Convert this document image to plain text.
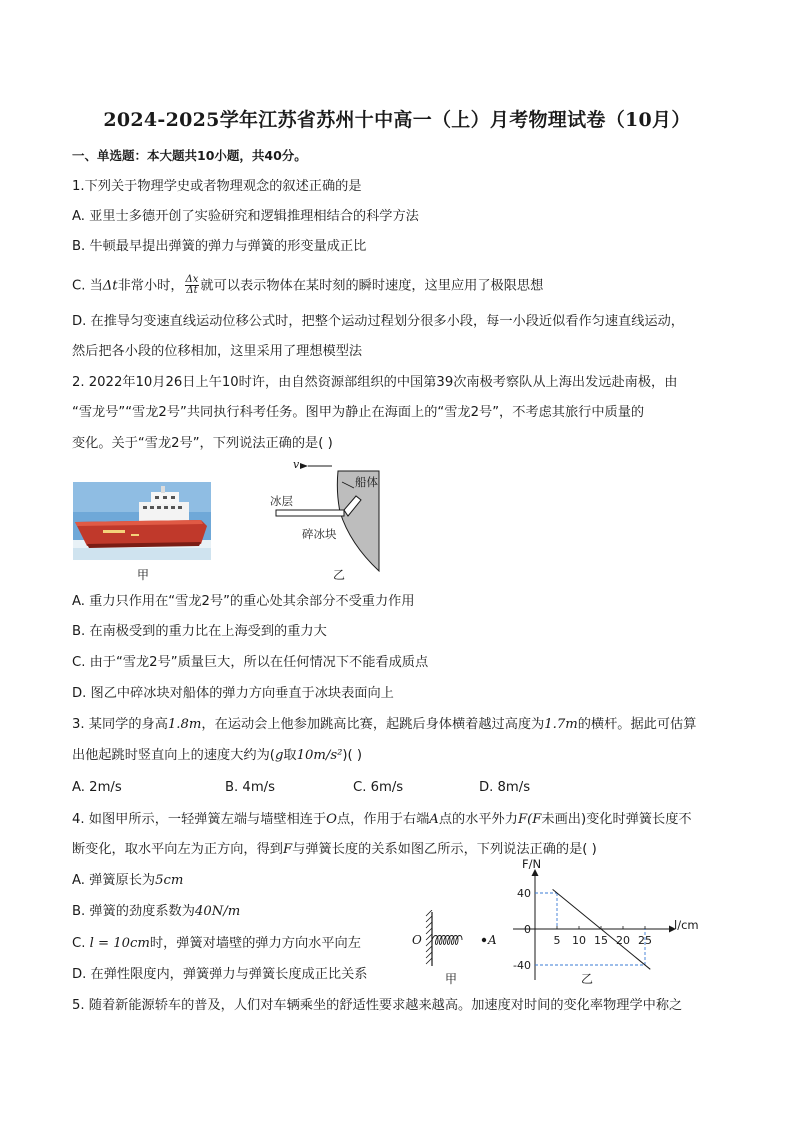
2024-2025学年江苏省苏州十中高一（上）月考物理试卷（10月）
一、单选题：本大题共10小题，共40分。
1.下列关于物理学史或者物理观念的叙述正确的是
A. 亚里士多德开创了实验研究和逻辑推理相结合的科学方法
B. 牛顿最早提出弹簧的弹力与弹簧的形变量成正比
C. 当Δt非常小时， $\frac{\Delta x}{\Delta t}$ 就可以表示物体在某时刻的瞬时速度，这里应用了极限思想
D. 在推导匀变速直线运动位移公式时，把整个运动过程划分很多小段，每一小段近似看作匀速直线运动，
然后把各小段的位移相加，这里采用了理想模型法
2. 2022年10月26日上午10时许，由自然资源部组织的中国第39次南极考察队从上海出发远赴南极，由
“雪龙号”“雪龙2号”共同执行科考任务。图甲为静止在海面上的“雪龙2号”，不考虑其旅行中质量的
变化。关于“雪龙2号”，下列说法正确的是( )
甲
v
船体
冰层
碎冰块
乙
A. 重力只作用在“雪龙2号”的重心处其余部分不受重力作用
B. 在南极受到的重力比在上海受到的重力大
C. 由于“雪龙2号”质量巨大，所以在任何情况下不能看成质点
D. 图乙中碎冰块对船体的弹力方向垂直于冰块表面向上
3. 某同学的身高1.8m，在运动会上他参加跳高比赛，起跳后身体横着越过高度为1.7m的横杆。据此可估算
出他起跳时竖直向上的速度大约为(g取10m/s²)( )
A. 2m/s	B. 4m/s	C. 6m/s	D. 8m/s
4. 如图甲所示，一轻弹簧左端与墙壁相连于O点，作用于右端A点的水平外力F(F未画出)变化时弹簧长度不
断变化，取水平向左为正方向，得到F与弹簧长度的关系如图乙所示，下列说法正确的是( )
A. 弹簧原长为5cm
B. 弹簧的劲度系数为40N/m
C. l = 10cm时，弹簧对墙壁的弹力方向水平向左
D. 在弹性限度内，弹簧弹力与弹簧长度成正比关系
O	A
甲
5 10 15 20 25
40
0
-40
F/N
l/cm
乙
5. 随着新能源轿车的普及，人们对车辆乘坐的舒适性要求越来越高。加速度对时间的变化率物理学中称之
